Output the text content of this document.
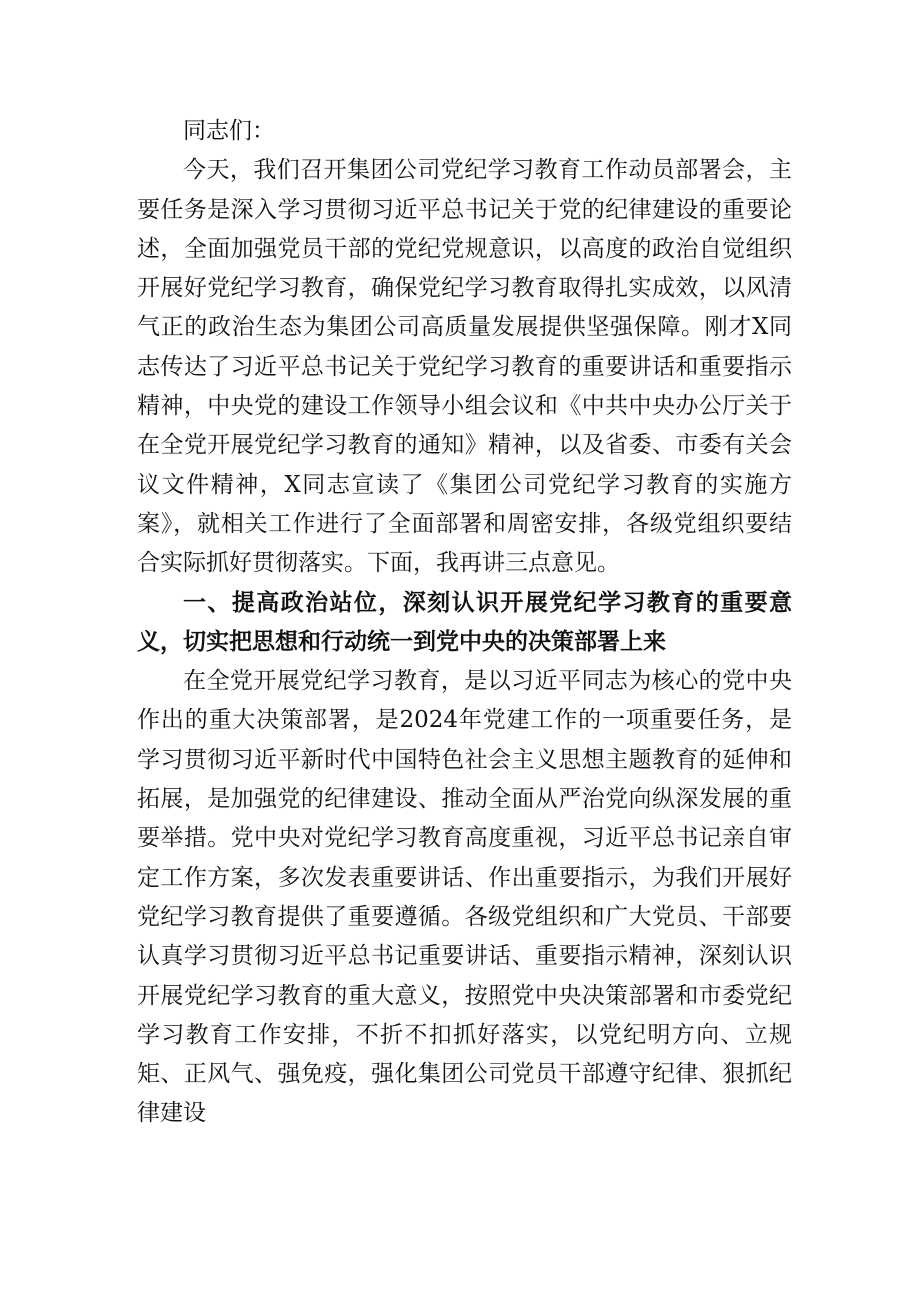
同志们：

今天，我们召开集团公司党纪学习教育工作动员部署会，主要任务是深入学习贯彻习近平总书记关于党的纪律建设的重要论述，全面加强党员干部的党纪党规意识，以高度的政治自觉组织开展好党纪学习教育，确保党纪学习教育取得扎实成效，以风清气正的政治生态为集团公司高质量发展提供坚强保障。刚才X同志传达了习近平总书记关于党纪学习教育的重要讲话和重要指示精神，中央党的建设工作领导小组会议和《中共中央办公厅关于在全党开展党纪学习教育的通知》精神，以及省委、市委有关会议文件精神，X同志宣读了《集团公司党纪学习教育的实施方案》，就相关工作进行了全面部署和周密安排，各级党组织要结合实际抓好贯彻落实。下面，我再讲三点意见。

一、提高政治站位，深刻认识开展党纪学习教育的重要意义，切实把思想和行动统一到党中央的决策部署上来

在全党开展党纪学习教育，是以习近平同志为核心的党中央作出的重大决策部署，是2024年党建工作的一项重要任务，是学习贯彻习近平新时代中国特色社会主义思想主题教育的延伸和拓展，是加强党的纪律建设、推动全面从严治党向纵深发展的重要举措。党中央对党纪学习教育高度重视，习近平总书记亲自审定工作方案，多次发表重要讲话、作出重要指示，为我们开展好党纪学习教育提供了重要遵循。各级党组织和广大党员、干部要认真学习贯彻习近平总书记重要讲话、重要指示精神，深刻认识开展党纪学习教育的重大意义，按照党中央决策部署和市委党纪学习教育工作安排，不折不扣抓好落实，以党纪明方向、立规矩、正风气、强免疫，强化集团公司党员干部遵守纪律、狠抓纪律建设
